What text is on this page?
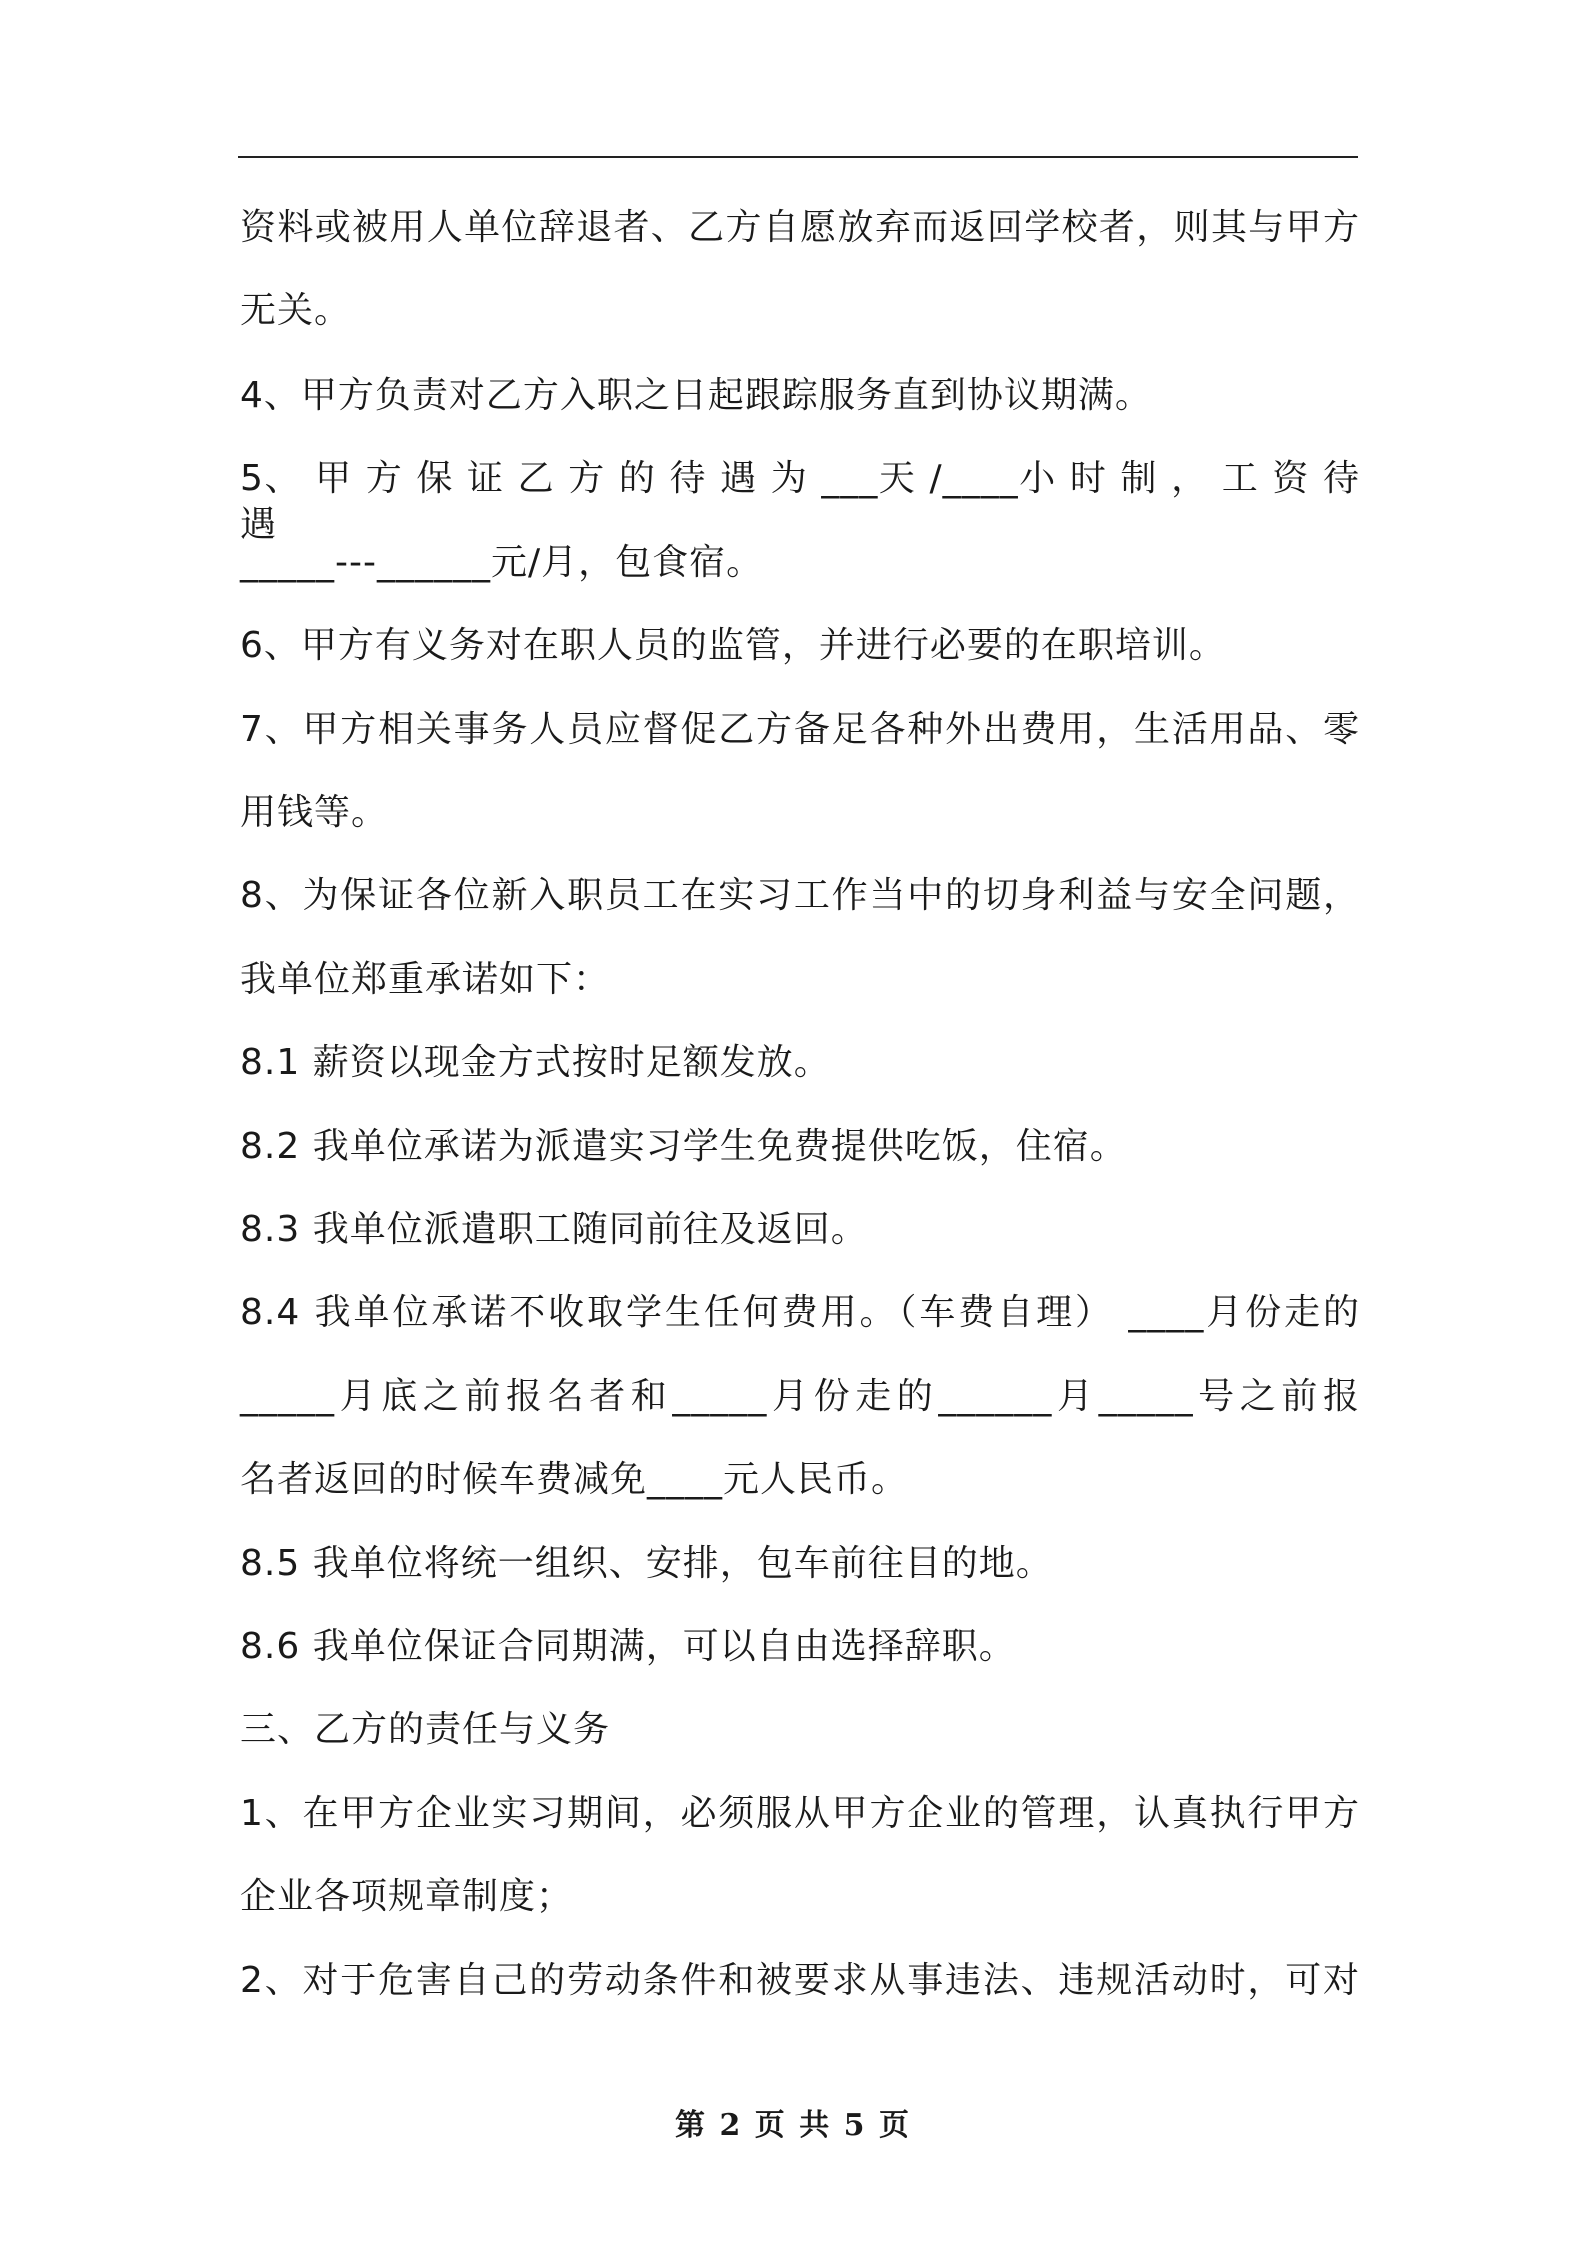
资料或被用人单位辞退者、乙方自愿放弃而返回学校者，则其与甲方
无关。
4、甲方负责对乙方入职之日起跟踪服务直到协议期满。
5、 甲 方 保 证 乙 方 的 待 遇 为 ___天 /____小 时 制 ， 工 资 待 遇
_____---______元/月，包食宿。
6、甲方有义务对在职人员的监管，并进行必要的在职培训。
7、甲方相关事务人员应督促乙方备足各种外出费用，生活用品、零
用钱等。
8、为保证各位新入职员工在实习工作当中的切身利益与安全问题，
我单位郑重承诺如下：
8.1 薪资以现金方式按时足额发放。
8.2 我单位承诺为派遣实习学生免费提供吃饭，住宿。
8.3 我单位派遣职工随同前往及返回。
8.4 我单位承诺不收取学生任何费用。（车费自理） ____月份走的
_____月底之前报名者和_____月份走的______月_____号之前报
名者返回的时候车费减免____元人民币。
8.5 我单位将统一组织、安排，包车前往目的地。
8.6 我单位保证合同期满，可以自由选择辞职。
三、乙方的责任与义务
1、在甲方企业实习期间，必须服从甲方企业的管理，认真执行甲方
企业各项规章制度；
2、对于危害自己的劳动条件和被要求从事违法、违规活动时，可对
第 2 页 共 5 页
